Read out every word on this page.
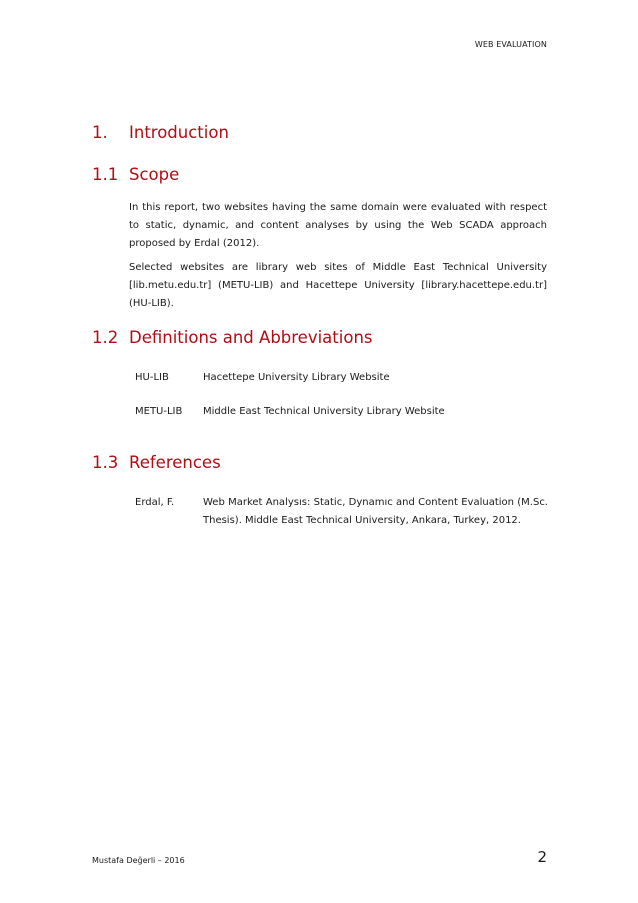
WEB EVALUATION
1. Introduction
1.1 Scope

In this report, two websites having the same domain were evaluated with respect to static, dynamic, and content analyses by using the Web SCADA approach proposed by Erdal (2012).

Selected websites are library web sites of Middle East Technical University [lib.metu.edu.tr] (METU-LIB) and Hacettepe University [library.hacettepe.edu.tr] (HU-LIB).

1.2 Definitions and Abbreviations
HU-LIB	Hacettepe University Library Website
METU-LIB Middle East Technical University Library Website
1.3 References
Erdal, F.	Web Market Analysıs: Static, Dynamıc and Content Evaluation (M.Sc. Thesis). Middle East Technical University, Ankara, Turkey, 2012.
Mustafa Değerli – 2016	2
